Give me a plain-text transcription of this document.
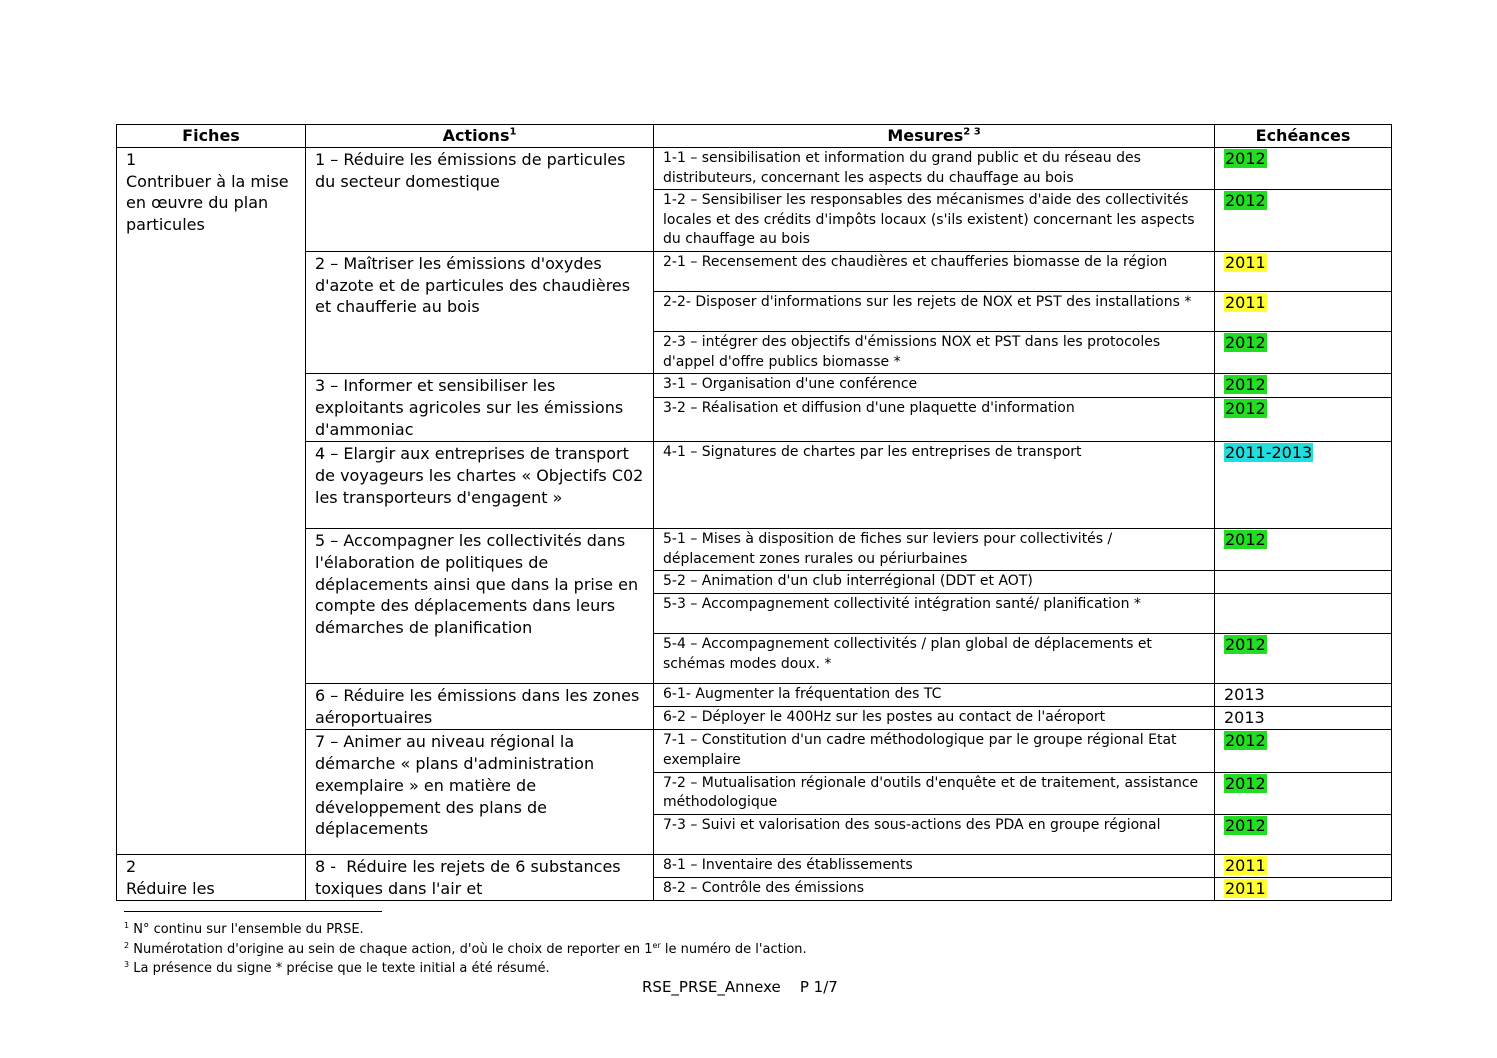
Fiches	Actions$^1$	Mesures$^{2 3}$	Echéances

1
Contribuer à la mise en œuvre du plan particules	1 – Réduire les émissions de particules du secteur domestique	1-1 – sensibilisation et information du grand public et du réseau des distributeurs, concernant les aspects du chauffage au bois	2012
		1-2 – Sensibiliser les responsables des mécanismes d'aide des collectivités locales et des crédits d'impôts locaux (s'ils existent) concernant les aspects du chauffage au bois	2012
	2 – Maîtriser les émissions d'oxydes d'azote et de particules des chaudières et chaufferie au bois	2-1 – Recensement des chaudières et chaufferies biomasse de la région	2011
		2-2- Disposer d'informations sur les rejets de NOX et PST des installations *	2011
		2-3 – intégrer des objectifs d'émissions NOX et PST dans les protocoles d'appel d'offre publics biomasse *	2012
	3 – Informer et sensibiliser les exploitants agricoles sur les émissions d'ammoniac	3-1 – Organisation d'une conférence	2012
		3-2 – Réalisation et diffusion d'une plaquette d'information	2012
	4 – Elargir aux entreprises de transport de voyageurs les chartes « Objectifs C02 les transporteurs d'engagent »	4-1 – Signatures de chartes par les entreprises de transport	2011-2013
	5 – Accompagner les collectivités dans l'élaboration de politiques de déplacements ainsi que dans la prise en compte des déplacements dans leurs démarches de planification	5-1 – Mises à disposition de fiches sur leviers pour collectivités / déplacement zones rurales ou périurbaines	2012
		5-2 – Animation d'un club interrégional (DDT et AOT)	
		5-3 – Accompagnement collectivité intégration santé/ planification *	
		5-4 – Accompagnement collectivités / plan global de déplacements et schémas modes doux. *	2012
	6 – Réduire les émissions dans les zones aéroportuaires	6-1- Augmenter la fréquentation des TC	2013
		6-2 – Déployer le 400Hz sur les postes au contact de l'aéroport	2013
	7 – Animer au niveau régional la démarche « plans d'administration exemplaire » en matière de développement des plans de déplacements	7-1 – Constitution d'un cadre méthodologique par le groupe régional Etat exemplaire	2012
		7-2 – Mutualisation régionale d'outils d'enquête et de traitement, assistance méthodologique	2012
		7-3 – Suivi et valorisation des sous-actions des PDA en groupe régional	2012

2
Réduire les	8 -  Réduire les rejets de 6 substances toxiques dans l'air et	8-1 – Inventaire des établissements	2011
		8-2 – Contrôle des émissions	2011
$^1$ N° continu sur l'ensemble du PRSE.
$^2$ Numérotation d'origine au sein de chaque action, d'où le choix de reporter en 1er le numéro de l'action.
$^3$ La présence du signe * précise que le texte initial a été résumé.
RSE_PRSE_Annexe P 1/7
